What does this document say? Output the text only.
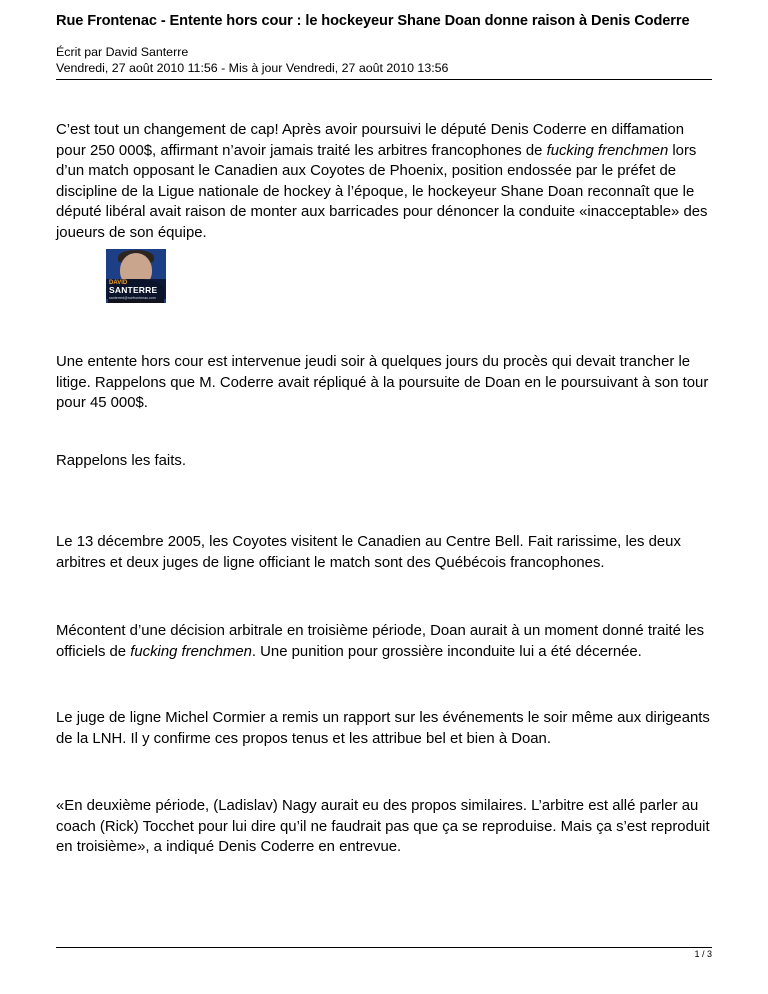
Rue Frontenac - Entente hors cour : le hockeyeur Shane Doan donne raison à Denis Coderre
Écrit par David Santerre
Vendredi, 27 août 2010 11:56 - Mis à jour Vendredi, 27 août 2010 13:56
C’est tout un changement de cap! Après avoir poursuivi le député Denis Coderre en diffamation pour 250 000$, affirmant n’avoir jamais traité les arbitres francophones de fucking frenchmen lors d’un match opposant le Canadien aux Coyotes de Phoenix, position endossée par le préfet de discipline de la Ligue nationale de hockey à l’époque, le hockeyeur Shane Doan reconnaît que le député libéral avait raison de monter aux barricades pour dénoncer la conduite «inacceptable» des joueurs de son équipe.
DAVID
SANTERRE
santerred@ruefrontenac.com
Une entente hors cour est intervenue jeudi soir à quelques jours du procès qui devait trancher le litige. Rappelons que M. Coderre avait répliqué à la poursuite de Doan en le poursuivant à son tour pour 45 000$.
Rappelons les faits.
Le 13 décembre 2005, les Coyotes visitent le Canadien au Centre Bell. Fait rarissime, les deux arbitres et deux juges de ligne officiant le match sont des Québécois francophones.
Mécontent d’une décision arbitrale en troisième période, Doan aurait à un moment donné traité les officiels de fucking frenchmen. Une punition pour grossière inconduite lui a été décernée.
Le juge de ligne Michel Cormier a remis un rapport sur les événements le soir même aux dirigeants de la LNH. Il y confirme ces propos tenus et les attribue bel et bien à Doan.
«En deuxième période, (Ladislav) Nagy aurait eu des propos similaires. L’arbitre est allé parler au coach (Rick) Tocchet pour lui dire qu’il ne faudrait pas que ça se reproduise. Mais ça s’est reproduit en troisième», a indiqué Denis Coderre en entrevue.
1 / 3
